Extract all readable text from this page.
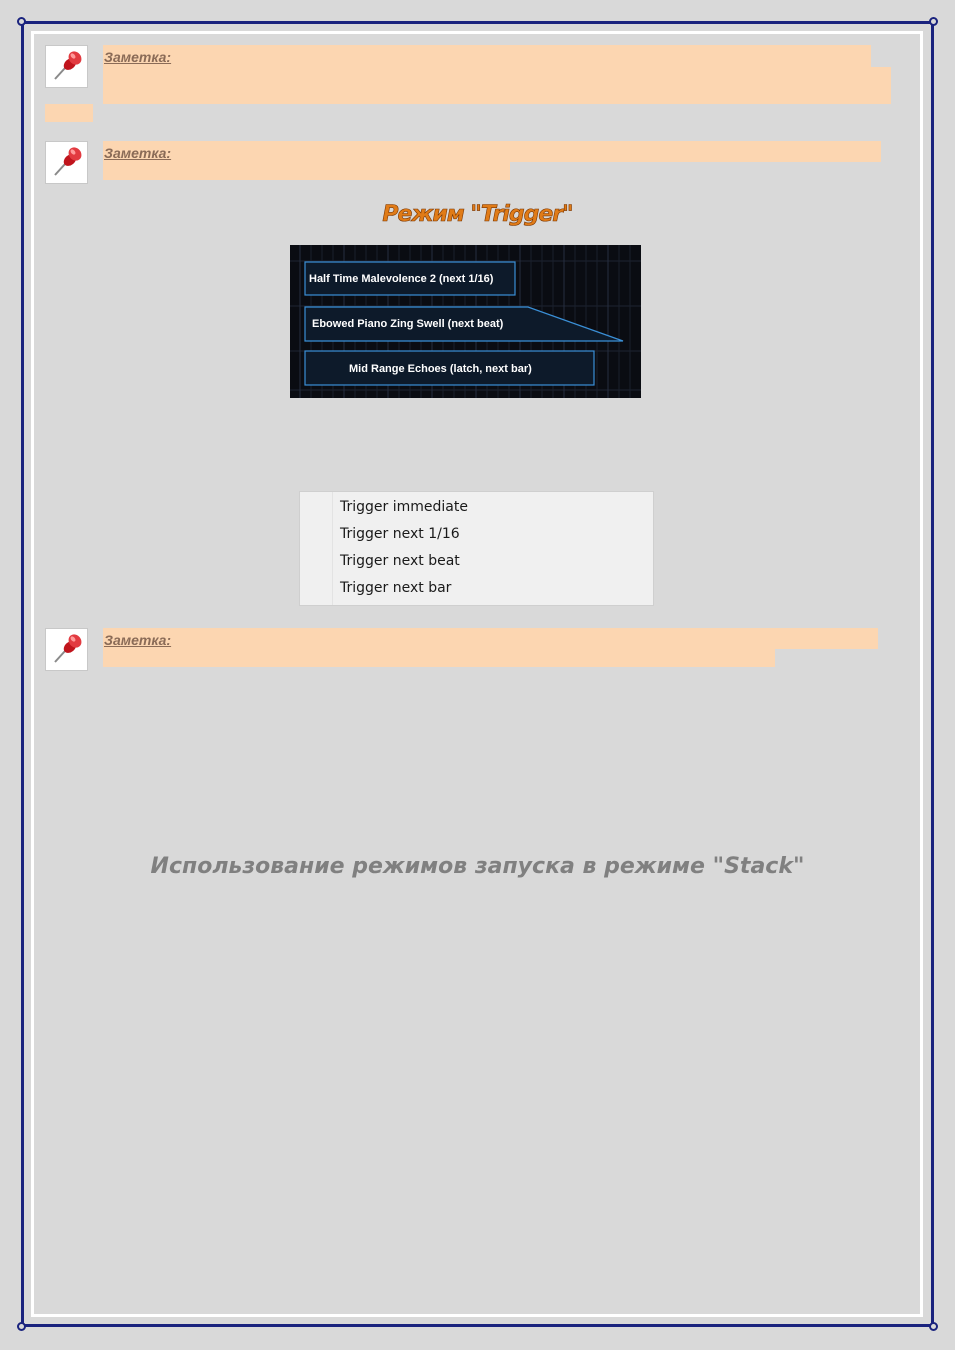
Заметка:
Заметка:
Режим "Trigger"
Half Time Malevolence 2 (next 1/16)
Ebowed Piano Zing Swell (next beat)
Mid Range Echoes (latch, next bar)
Trigger immediate
Trigger next 1/16
Trigger next beat
Trigger next bar
Заметка:
Использование режимов запуска в режиме "Stack"
